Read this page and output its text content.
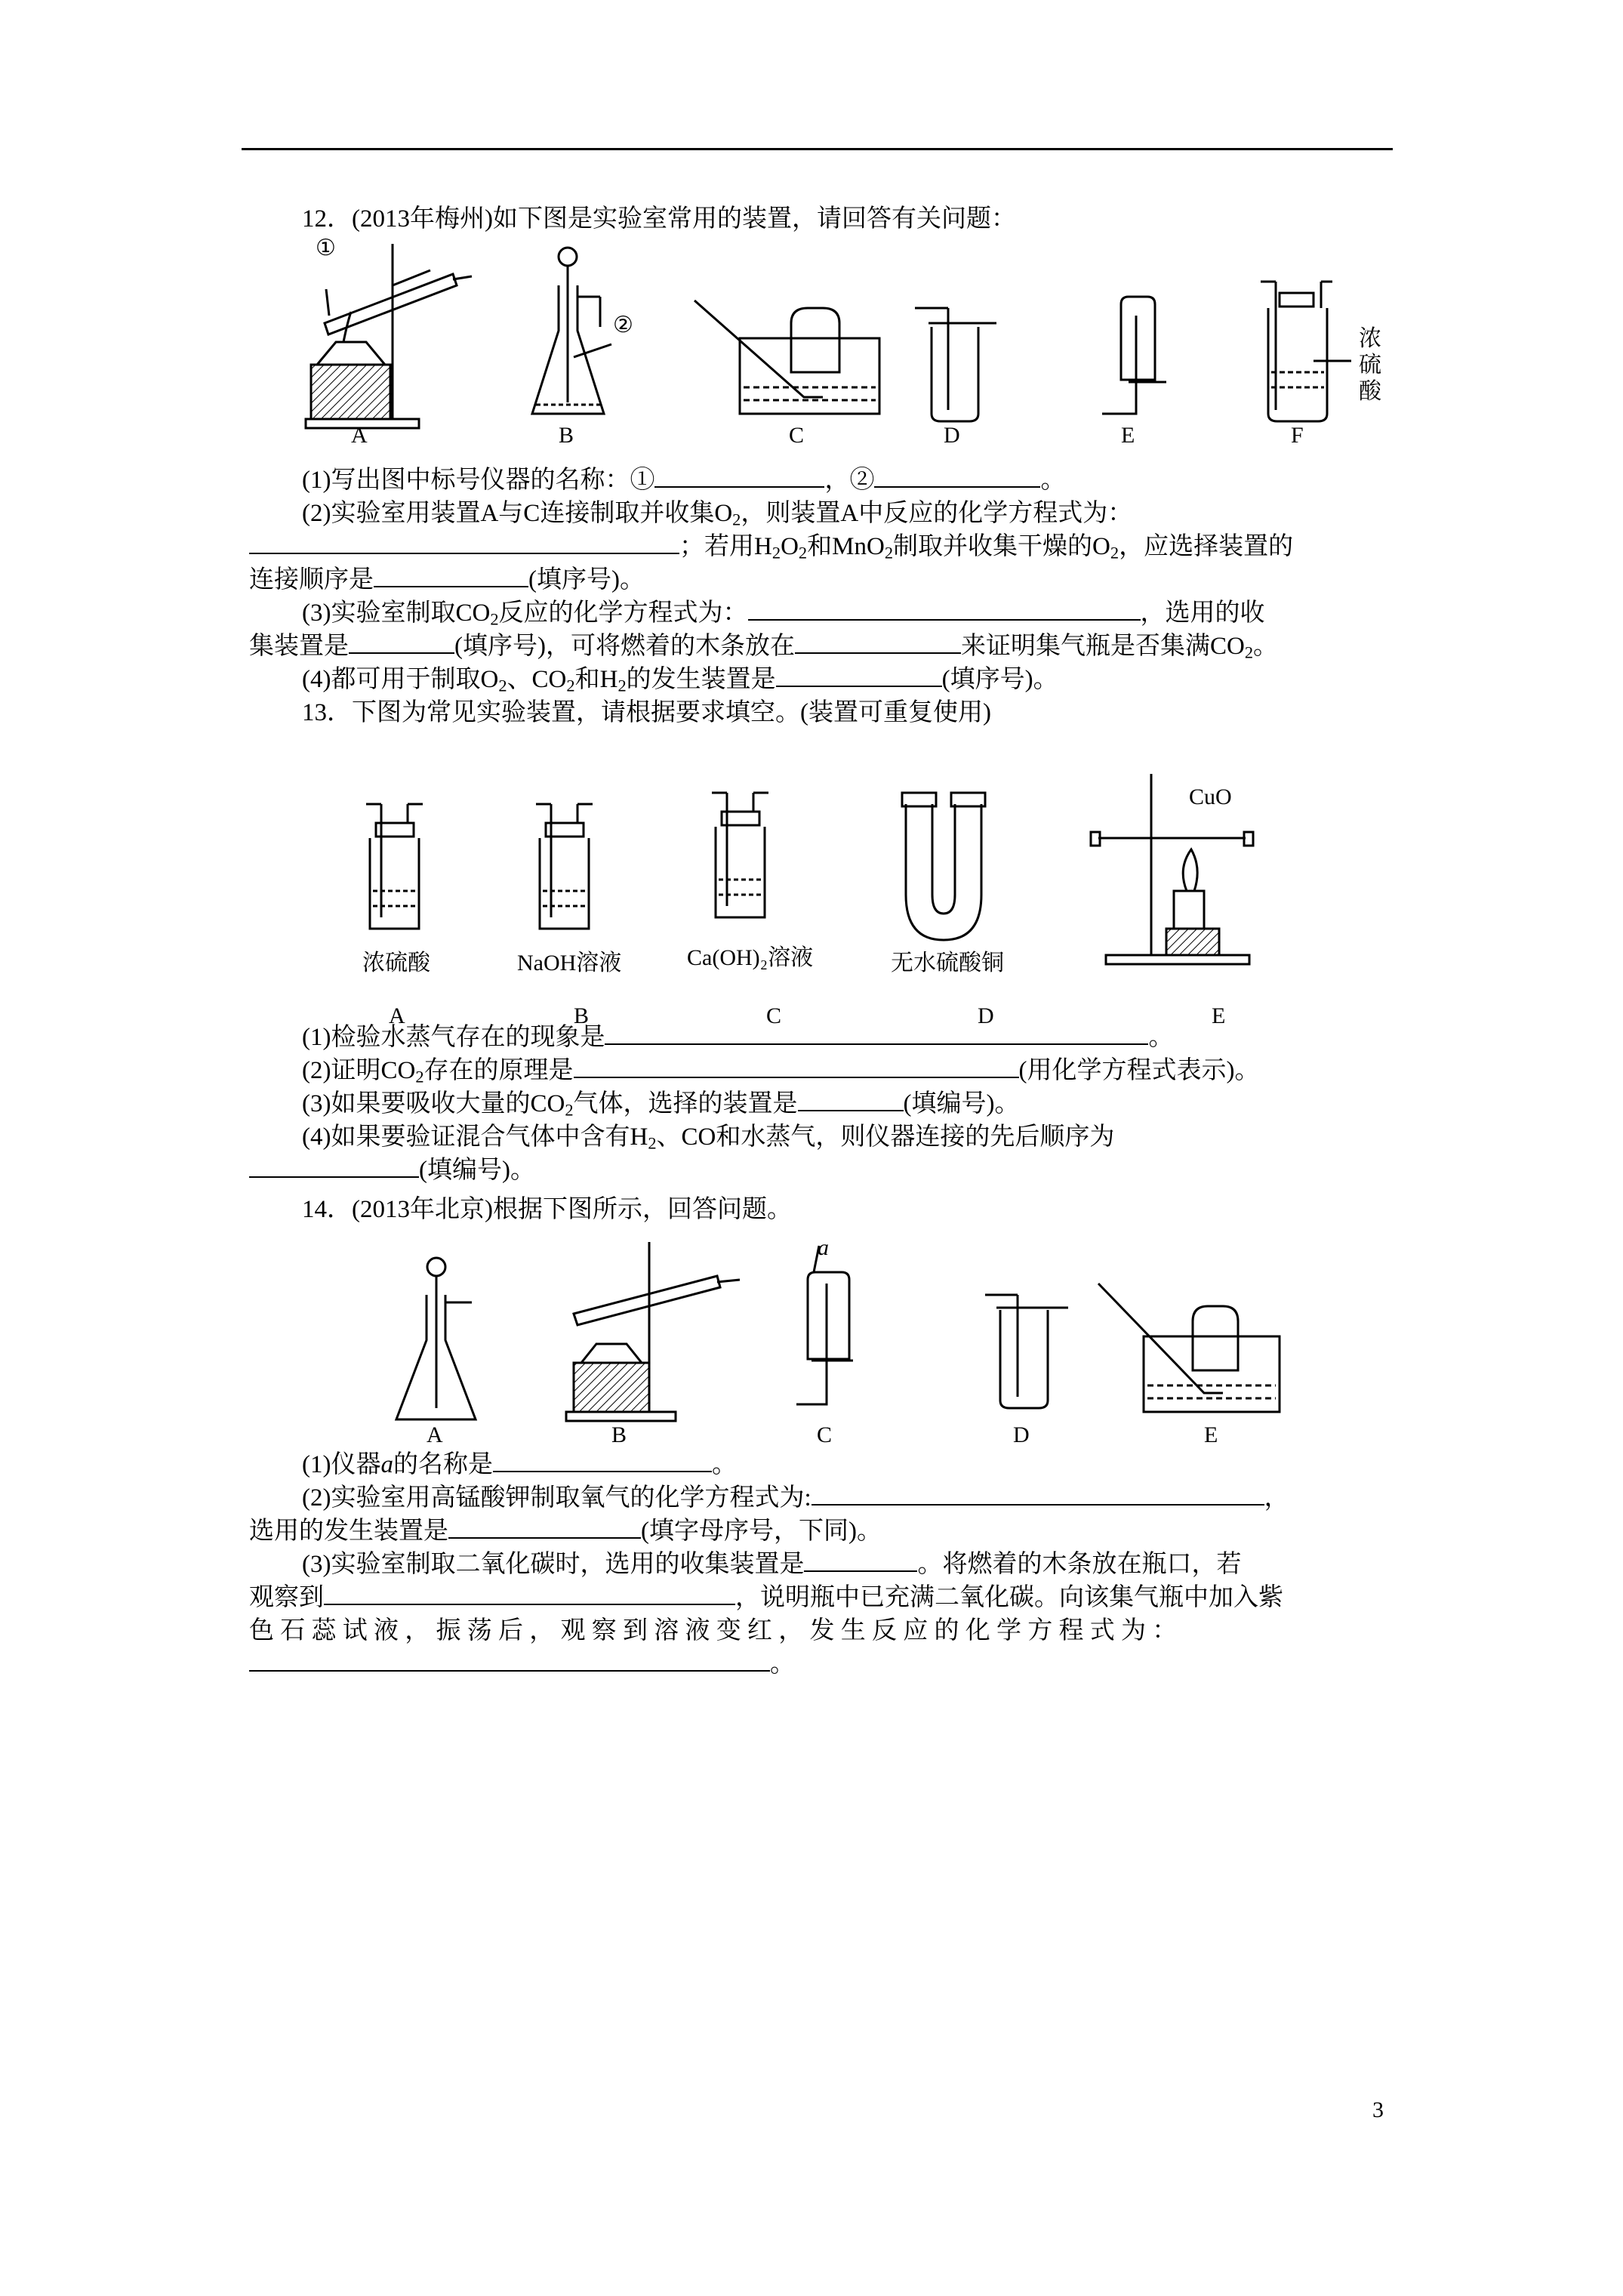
12．(2013年梅州)如下图是实验室常用的装置，请回答有关问题：
①
②
A	B	C	D	E	F
浓
硫
酸
(1)写出图中标号仪器的名称：①	，②	。
(2)实验室用装置A与C连接制取并收集$O_2$，则装置A中反应的化学方程式为：
；若用$H_2O_2$和MnO$_2$制取并收集干燥的$O_2$，应选择装置的
连接顺序是	(填序号)。
(3)实验室制取$CO_2$反应的化学方程式为：	，选用的收
集装置是	(填序号)，可将燃着的木条放在	来证明集气瓶是否集满$CO_2$。
(4)都可用于制取$O_2$、$CO_2$和$H_2$的发生装置是	(填序号)。
13．下图为常见实验装置，请根据要求填空。(装置可重复使用)
浓硫酸	NaOH溶液	Ca(OH)₂溶液	无水硫酸铜
CuO
A	B	C	D	E
(1)检验水蒸气存在的现象是	。
(2)证明$CO_2$存在的原理是	(用化学方程式表示)。
(3)如果要吸收大量的$CO_2$气体，选择的装置是	(填编号)。
(4)如果要验证混合气体中含有$H_2$、CO和水蒸气，则仪器连接的先后顺序为
(填编号)。
14．(2013年北京)根据下图所示，回答问题。
a
A	B	C	D	E
(1)仪器a的名称是	。
(2)实验室用高锰酸钾制取氧气的化学方程式为:	，
选用的发生装置是	(填字母序号，下同)。
(3)实验室制取二氧化碳时，选用的收集装置是	。将燃着的木条放在瓶口，若
观察到	，说明瓶中已充满二氧化碳。向该集气瓶中加入紫
色 石 蕊 试 液 ， 振 荡 后 ， 观 察 到 溶 液 变 红 ， 发 生 反 应 的 化 学 方 程 式 为 ：
。
3
